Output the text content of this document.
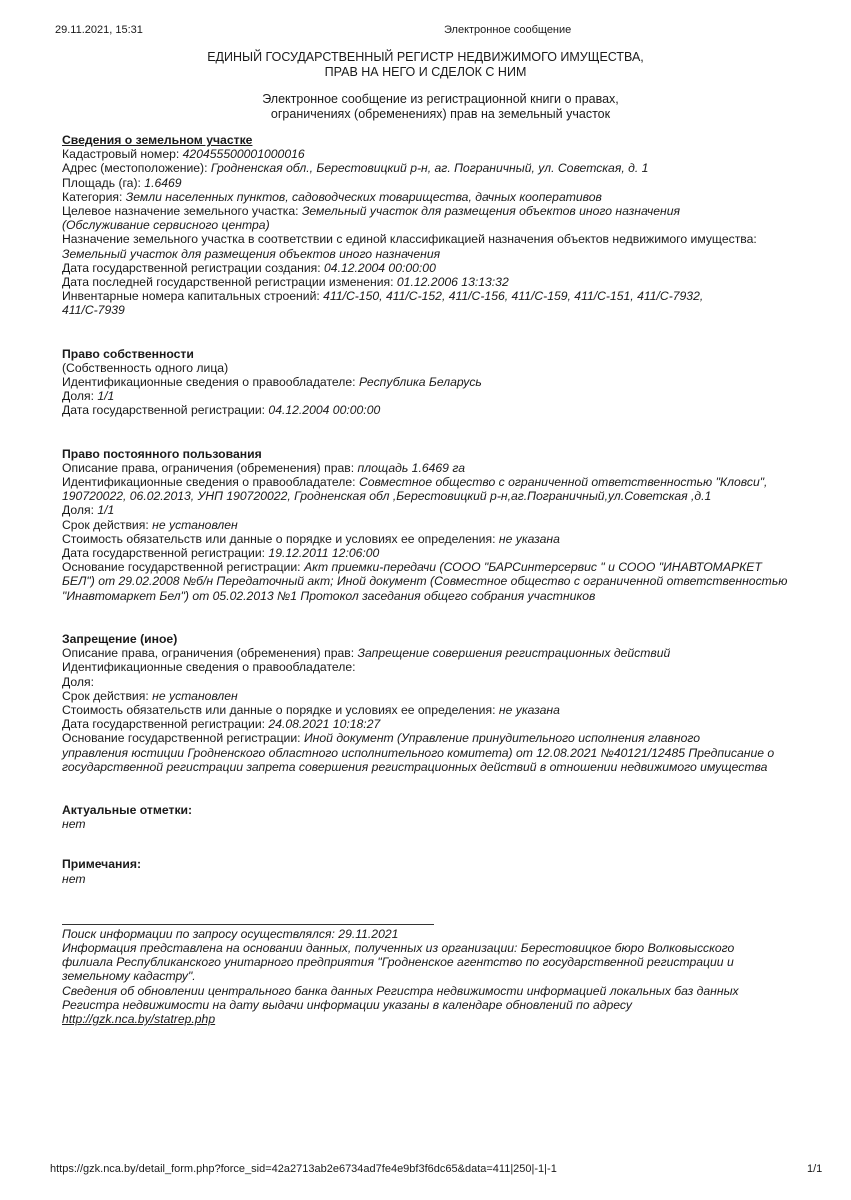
29.11.2021, 15:31	Электронное сообщение
ЕДИНЫЙ ГОСУДАРСТВЕННЫЙ РЕГИСТР НЕДВИЖИМОГО ИМУЩЕСТВА,
ПРАВ НА НЕГО И СДЕЛОК С НИМ
Электронное сообщение из регистрационной книги о правах,
ограничениях (обременениях) прав на земельный участок
Сведения о земельном участке
Кадастровый номер: 420455500001000016
Адрес (местоположение): Гродненская обл., Берестовицкий р-н, аг. Пограничный, ул. Советская, д. 1
Площадь (га): 1.6469
Категория: Земли населенных пунктов, садоводческих товарищества, дачных кооперативов
Целевое назначение земельного участка: Земельный участок для размещения объектов иного назначения
(Обслуживание сервисного центра)
Назначение земельного участка в соответствии с единой классификацией назначения объектов недвижимого имущества:
Земельный участок для размещения объектов иного назначения
Дата государственной регистрации создания: 04.12.2004 00:00:00
Дата последней государственной регистрации изменения: 01.12.2006 13:13:32
Инвентарные номера капитальных строений: 411/С-150, 411/С-152, 411/С-156, 411/С-159, 411/С-151, 411/С-7932,
411/С-7939
Право собственности
(Собственность одного лица)
Идентификационные сведения о правообладателе: Республика Беларусь
Доля: 1/1
Дата государственной регистрации: 04.12.2004 00:00:00
Право постоянного пользования
Описание права, ограничения (обременения) прав: площадь 1.6469 га
Идентификационные сведения о правообладателе: Совместное общество с ограниченной ответственностью "Кловси",
190720022, 06.02.2013, УНП 190720022, Гродненская обл ,Берестовицкий р-н,аг.Пограничный,ул.Советская ,д.1
Доля: 1/1
Срок действия: не установлен
Стоимость обязательств или данные о порядке и условиях ее определения: не указана
Дата государственной регистрации: 19.12.2011 12:06:00
Основание государственной регистрации: Акт приемки-передачи (СООО "БАРСинтерсервис " и СООО "ИНАВТОМАРКЕТ
БЕЛ") от 29.02.2008 №б/н Передаточный акт; Иной документ (Совместное общество с ограниченной ответственностью
"Инавтомаркет Бел") от 05.02.2013 №1 Протокол заседания общего собрания участников
Запрещение (иное)
Описание права, ограничения (обременения) прав: Запрещение совершения регистрационных действий
Идентификационные сведения о правообладателе:
Доля:
Срок действия: не установлен
Стоимость обязательств или данные о порядке и условиях ее определения: не указана
Дата государственной регистрации: 24.08.2021 10:18:27
Основание государственной регистрации: Иной документ (Управление принудительного исполнения главного
управления юстиции Гродненского областного исполнительного комитета) от 12.08.2021 №40121/12485 Предписание о
государственной регистрации запрета совершения регистрационных действий в отношении недвижимого имущества
Актуальные отметки:
нет
Примечания:
нет
Поиск информации по запросу осуществлялся: 29.11.2021
Информация представлена на основании данных, полученных из организации: Берестовицкое бюро Волковысского
филиала Республиканского унитарного предприятия "Гродненское агентство по государственной регистрации и
земельному кадастру".
Сведения об обновлении центрального банка данных Регистра недвижимости информацией локальных баз данных
Регистра недвижимости на дату выдачи информации указаны в календаре обновлений по адресу
http://gzk.nca.by/statrep.php
https://gzk.nca.by/detail_form.php?force_sid=42a2713ab2e6734ad7fe4e9bf3f6dc65&data=411|250|-1|-1	1/1
